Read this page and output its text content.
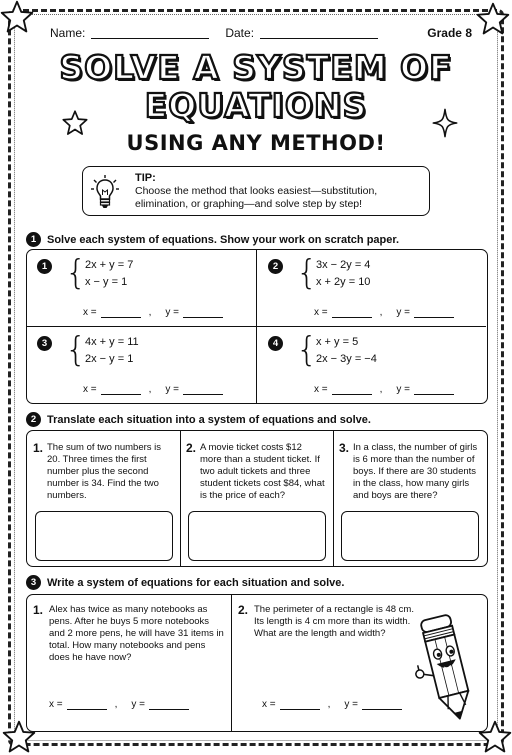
Name:	Date:	Grade 8
SOLVE A SYSTEM OF
EQUATIONS
USING ANY METHOD!
TIP:
Choose the method that looks easiest—substitution, elimination, or graphing—and solve step by step!
1 Solve each system of equations. Show your work on scratch paper.
1 {
2x + y = 7
x − y = 1
x =	, y =
2 {
3x − 2y = 4
x + 2y = 10
x =	, y =
3 {
4x + y = 11
2x − y = 1
x =	, y =
4 {
x + y = 5
2x − 3y = −4
x =	, y =
2 Translate each situation into a system of equations and solve.
1. The sum of two numbers is 20. Three times the first number plus the second number is 34. Find the two numbers.
2. A movie ticket costs $12 more than a student ticket. If two adult tickets and three student tickets cost $84, what is the price of each?
3. In a class, the number of girls is 6 more than the number of boys. If there are 30 students in the class, how many girls and boys are there?
3 Write a system of equations for each situation and solve.
1. Alex has twice as many notebooks as pens. After he buys 5 more notebooks and 2 more pens, he will have 31 items in total. How many notebooks and pens does he have now?
x =	, y =
2. The perimeter of a rectangle is 48 cm. Its length is 4 cm more than its width. What are the length and width?
x =	, y =
